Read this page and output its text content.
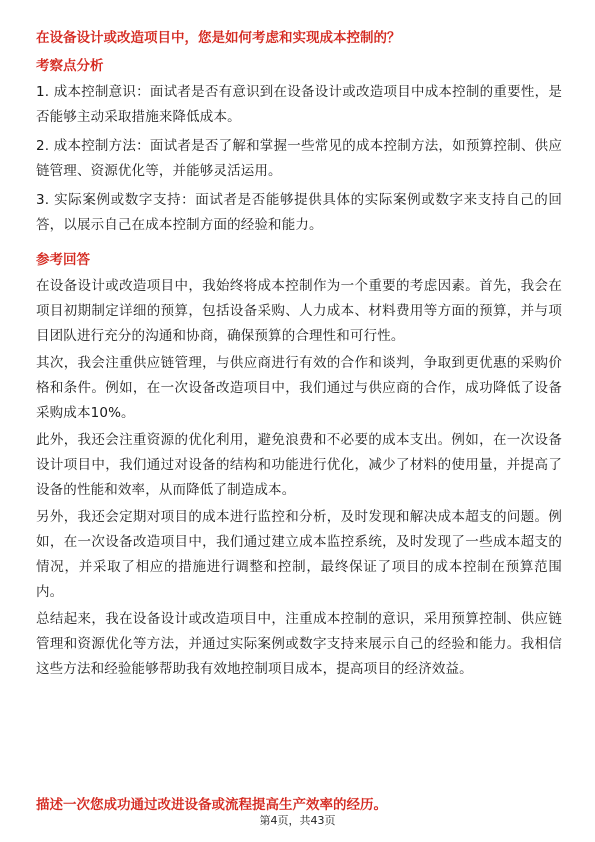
在设备设计或改造项目中，您是如何考虑和实现成本控制的？
考察点分析
1. 成本控制意识：面试者是否有意识到在设备设计或改造项目中成本控制的重要性，是否能够主动采取措施来降低成本。
2. 成本控制方法：面试者是否了解和掌握一些常见的成本控制方法，如预算控制、供应链管理、资源优化等，并能够灵活运用。
3. 实际案例或数字支持：面试者是否能够提供具体的实际案例或数字来支持自己的回答，以展示自己在成本控制方面的经验和能力。
参考回答
在设备设计或改造项目中，我始终将成本控制作为一个重要的考虑因素。首先，我会在项目初期制定详细的预算，包括设备采购、人力成本、材料费用等方面的预算，并与项目团队进行充分的沟通和协商，确保预算的合理性和可行性。
其次，我会注重供应链管理，与供应商进行有效的合作和谈判，争取到更优惠的采购价格和条件。例如，在一次设备改造项目中，我们通过与供应商的合作，成功降低了设备采购成本10%。
此外，我还会注重资源的优化利用，避免浪费和不必要的成本支出。例如，在一次设备设计项目中，我们通过对设备的结构和功能进行优化，减少了材料的使用量，并提高了设备的性能和效率，从而降低了制造成本。
另外，我还会定期对项目的成本进行监控和分析，及时发现和解决成本超支的问题。例如，在一次设备改造项目中，我们通过建立成本监控系统，及时发现了一些成本超支的情况，并采取了相应的措施进行调整和控制，最终保证了项目的成本控制在预算范围内。
总结起来，我在设备设计或改造项目中，注重成本控制的意识，采用预算控制、供应链管理和资源优化等方法，并通过实际案例或数字支持来展示自己的经验和能力。我相信这些方法和经验能够帮助我有效地控制项目成本，提高项目的经济效益。
描述一次您成功通过改进设备或流程提高生产效率的经历。
第4页，共43页
